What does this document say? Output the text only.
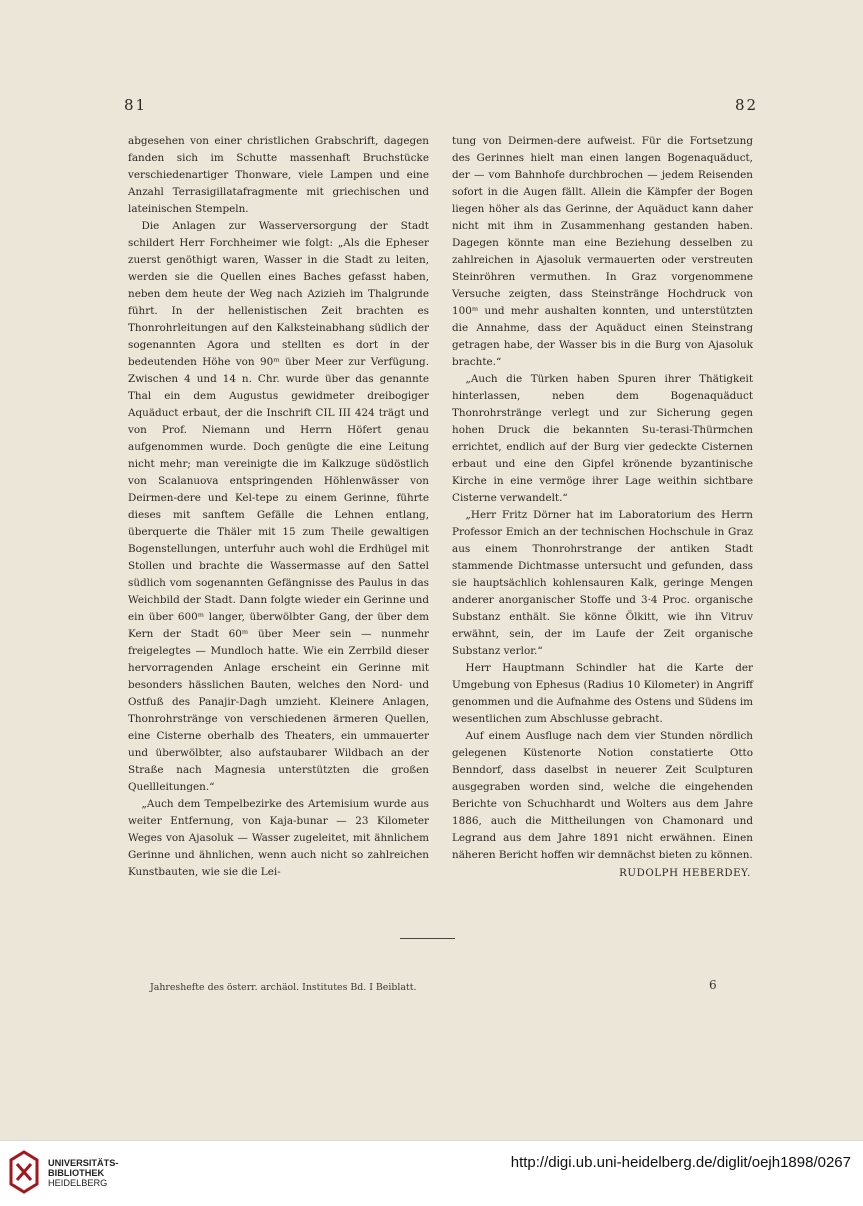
81	82

abgesehen von einer christlichen Grabschrift, dagegen fanden sich im Schutte massenhaft Bruchstücke verschiedenartiger Thonware, viele Lampen und eine Anzahl Terrasigillatafragmente mit griechischen und lateinischen Stempeln.

Die Anlagen zur Wasserversorgung der Stadt schildert Herr Forchheimer wie folgt: „Als die Epheser zuerst genöthigt waren, Wasser in die Stadt zu leiten, werden sie die Quellen eines Baches gefasst haben, neben dem heute der Weg nach Azizieh im Thalgrunde führt. In der hellenistischen Zeit brachten es Thonrohrleitungen auf den Kalksteinabhang südlich der sogenannten Agora und stellten es dort in der bedeutenden Höhe von 90ᵐ über Meer zur Verfügung. Zwischen 4 und 14 n. Chr. wurde über das genannte Thal ein dem Augustus gewidmeter dreibogiger Aquäduct erbaut, der die Inschrift CIL III 424 trägt und von Prof. Niemann und Herrn Höfert genau aufgenommen wurde. Doch genügte die eine Leitung nicht mehr; man vereinigte die im Kalkzuge südöstlich von Scalanuova entspringenden Höhlenwässer von Deirmen-dere und Kel-tepe zu einem Gerinne, führte dieses mit sanftem Gefälle die Lehnen entlang, überquerte die Thäler mit 15 zum Theile gewaltigen Bogenstellungen, unterfuhr auch wohl die Erdhügel mit Stollen und brachte die Wassermasse auf den Sattel südlich vom sogenannten Gefängnisse des Paulus in das Weichbild der Stadt. Dann folgte wieder ein Gerinne und ein über 600ᵐ langer, überwölbter Gang, der über dem Kern der Stadt 60ᵐ über Meer sein — nunmehr freigelegtes — Mundloch hatte. Wie ein Zerrbild dieser hervorragenden Anlage erscheint ein Gerinne mit besonders hässlichen Bauten, welches den Nord- und Ostfuß des Panajir-Dagh umzieht. Kleinere Anlagen, Thonrohrstränge von verschiedenen ärmeren Quellen, eine Cisterne oberhalb des Theaters, ein ummauerter und überwölbter, also aufstaubarer Wildbach an der Straße nach Magnesia unterstützten die großen Quellleitungen.“

„Auch dem Tempelbezirke des Artemisium wurde aus weiter Entfernung, von Kaja-bunar — 23 Kilometer Weges von Ajasoluk — Wasser zugeleitet, mit ähnlichem Gerinne und ähnlichen, wenn auch nicht so zahlreichen Kunstbauten, wie sie die Lei-

tung von Deirmen-dere aufweist. Für die Fortsetzung des Gerinnes hielt man einen langen Bogenaquäduct, der — vom Bahnhofe durchbrochen — jedem Reisenden sofort in die Augen fällt. Allein die Kämpfer der Bogen liegen höher als das Gerinne, der Aquäduct kann daher nicht mit ihm in Zusammenhang gestanden haben. Dagegen könnte man eine Beziehung desselben zu zahlreichen in Ajasoluk vermauerten oder verstreuten Steinröhren vermuthen. In Graz vorgenommene Versuche zeigten, dass Steinstränge Hochdruck von 100ᵐ und mehr aushalten konnten, und unterstützten die Annahme, dass der Aquäduct einen Steinstrang getragen habe, der Wasser bis in die Burg von Ajasoluk brachte.“

„Auch die Türken haben Spuren ihrer Thätigkeit hinterlassen, neben dem Bogenaquäduct Thonrohrstränge verlegt und zur Sicherung gegen hohen Druck die bekannten Su-terasi-Thürmchen errichtet, endlich auf der Burg vier gedeckte Cisternen erbaut und eine den Gipfel krönende byzantinische Kirche in eine vermöge ihrer Lage weithin sichtbare Cisterne verwandelt.“

„Herr Fritz Dörner hat im Laboratorium des Herrn Professor Emich an der technischen Hochschule in Graz aus einem Thonrohrstrange der antiken Stadt stammende Dichtmasse untersucht und gefunden, dass sie hauptsächlich kohlensauren Kalk, geringe Mengen anderer anorganischer Stoffe und 3·4 Proc. organische Substanz enthält. Sie könne Ölkitt, wie ihn Vitruv erwähnt, sein, der im Laufe der Zeit organische Substanz verlor.“

Herr Hauptmann Schindler hat die Karte der Umgebung von Ephesus (Radius 10 Kilometer) in Angriff genommen und die Aufnahme des Ostens und Südens im wesentlichen zum Abschlusse gebracht.

Auf einem Ausfluge nach dem vier Stunden nördlich gelegenen Küstenorte Notion constatierte Otto Benndorf, dass daselbst in neuerer Zeit Sculpturen ausgegraben worden sind, welche die eingehenden Berichte von Schuchhardt und Wolters aus dem Jahre 1886, auch die Mittheilungen von Chamonard und Legrand aus dem Jahre 1891 nicht erwähnen. Einen näheren Bericht hoffen wir demnächst bieten zu können.

RUDOLPH HEBERDEY.
Jahreshefte des österr. archäol. Institutes Bd. I Beiblatt.	6
UNIVERSITÄTS-
BIBLIOTHEK
HEIDELBERG
http://digi.ub.uni-heidelberg.de/diglit/oejh1898/0267
